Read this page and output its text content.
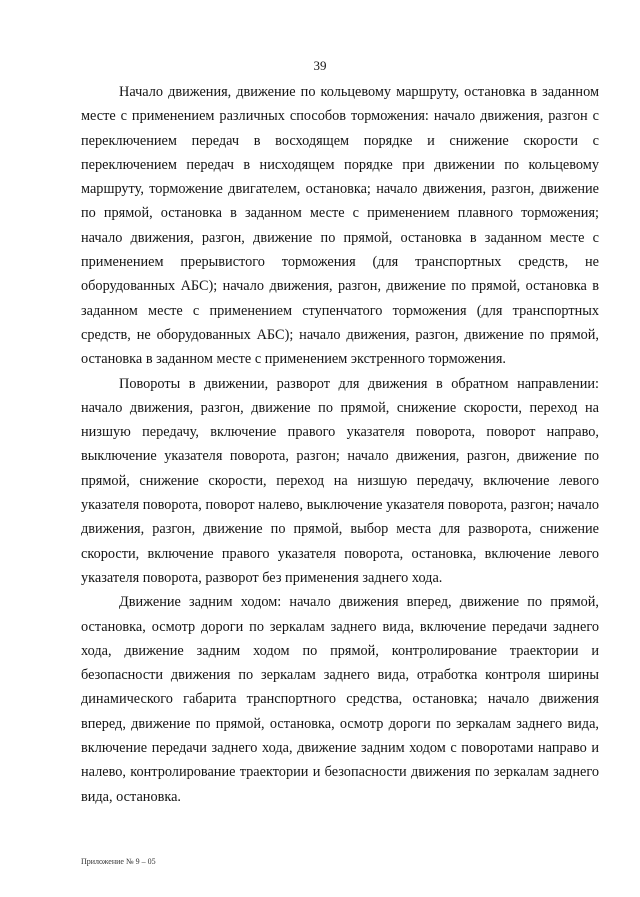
39

Начало движения, движение по кольцевому маршруту, остановка в заданном месте с применением различных способов торможения: начало движения, разгон с переключением передач в восходящем порядке и снижение скорости с переключением передач в нисходящем порядке при движении по кольцевому маршруту, торможение двигателем, остановка; начало движения, разгон, движение по прямой, остановка в заданном месте с применением плавного торможения; начало движения, разгон, движение по прямой, остановка в заданном месте с применением прерывистого торможения (для транспортных средств, не оборудованных АБС); начало движения, разгон, движение по прямой, остановка в заданном месте с применением ступенчатого торможения (для транспортных средств, не оборудованных АБС); начало движения, разгон, движение по прямой, остановка в заданном месте с применением экстренного торможения.

Повороты в движении, разворот для движения в обратном направлении: начало движения, разгон, движение по прямой, снижение скорости, переход на низшую передачу, включение правого указателя поворота, поворот направо, выключение указателя поворота, разгон; начало движения, разгон, движение по прямой, снижение скорости, переход на низшую передачу, включение левого указателя поворота, поворот налево, выключение указателя поворота, разгон; начало движения, разгон, движение по прямой, выбор места для разворота, снижение скорости, включение правого указателя поворота, остановка, включение левого указателя поворота, разворот без применения заднего хода.

Движение задним ходом: начало движения вперед, движение по прямой, остановка, осмотр дороги по зеркалам заднего вида, включение передачи заднего хода, движение задним ходом по прямой, контролирование траектории и безопасности движения по зеркалам заднего вида, отработка контроля ширины динамического габарита транспортного средства, остановка; начало движения вперед, движение по прямой, остановка, осмотр дороги по зеркалам заднего вида, включение передачи заднего хода, движение задним ходом с поворотами направо и налево, контролирование траектории и безопасности движения по зеркалам заднего вида, остановка.

Приложение № 9 – 05
